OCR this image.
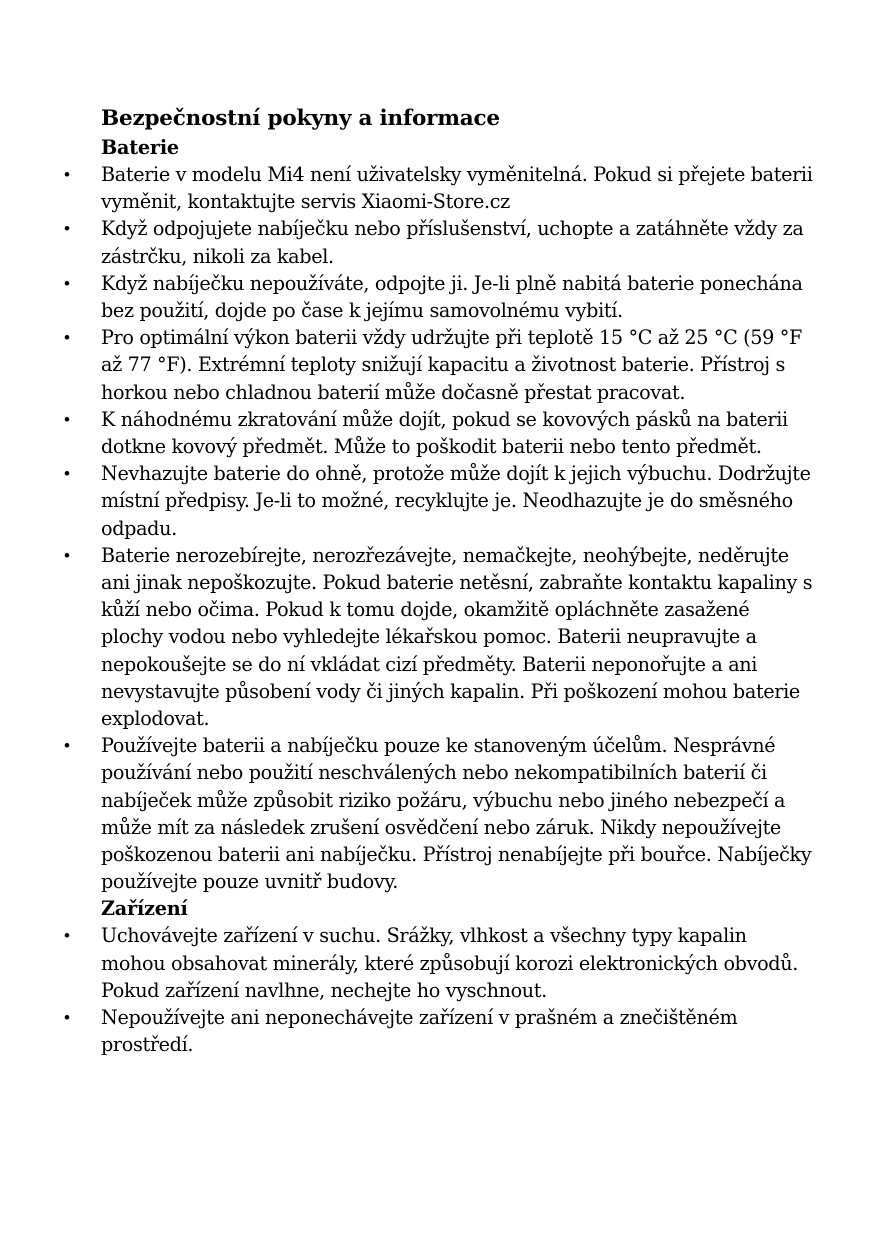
Bezpečnostní pokyny a informace
Baterie
• Baterie v modelu Mi4 není uživatelsky vyměnitelná. Pokud si přejete baterii vyměnit, kontaktujte servis Xiaomi-Store.cz
• Když odpojujete nabíječku nebo příslušenství, uchopte a zatáhněte vždy za zástrčku, nikoli za kabel.
• Když nabíječku nepoužíváte, odpojte ji. Je-li plně nabitá baterie ponechána bez použití, dojde po čase k jejímu samovolnému vybití.
• Pro optimální výkon baterii vždy udržujte při teplotě 15 °C až 25 °C (59 °F až 77 °F). Extrémní teploty snižují kapacitu a životnost baterie. Přístroj s horkou nebo chladnou baterií může dočasně přestat pracovat.
• K náhodnému zkratování může dojít, pokud se kovových pásků na baterii dotkne kovový předmět. Může to poškodit baterii nebo tento předmět.
• Nevhazujte baterie do ohně, protože může dojít k jejich výbuchu. Dodržujte místní předpisy. Je-li to možné, recyklujte je. Neodhazujte je do směsného odpadu.
• Baterie nerozebírejte, nerozřezávejte, nemačkejte, neohýbejte, neděrujte ani jinak nepoškozujte. Pokud baterie netěsní, zabraňte kontaktu kapaliny s kůží nebo očima. Pokud k tomu dojde, okamžitě opláchněte zasažené plochy vodou nebo vyhledejte lékařskou pomoc. Baterii neupravujte a nepokoušejte se do ní vkládat cizí předměty. Baterii neponořujte a ani nevystavujte působení vody či jiných kapalin. Při poškození mohou baterie explodovat.
• Používejte baterii a nabíječku pouze ke stanoveným účelům. Nesprávné používání nebo použití neschválených nebo nekompatibilních baterií či nabíječek může způsobit riziko požáru, výbuchu nebo jiného nebezpečí a může mít za následek zrušení osvědčení nebo záruk. Nikdy nepoužívejte poškozenou baterii ani nabíječku. Přístroj nenabíjejte při bouřce. Nabíječky používejte pouze uvnitř budovy.
Zařízení
• Uchovávejte zařízení v suchu. Srážky, vlhkost a všechny typy kapalin mohou obsahovat minerály, které způsobují korozi elektronických obvodů. Pokud zařízení navlhne, nechejte ho vyschnout.
• Nepoužívejte ani neponechávejte zařízení v prašném a znečištěném prostředí.
